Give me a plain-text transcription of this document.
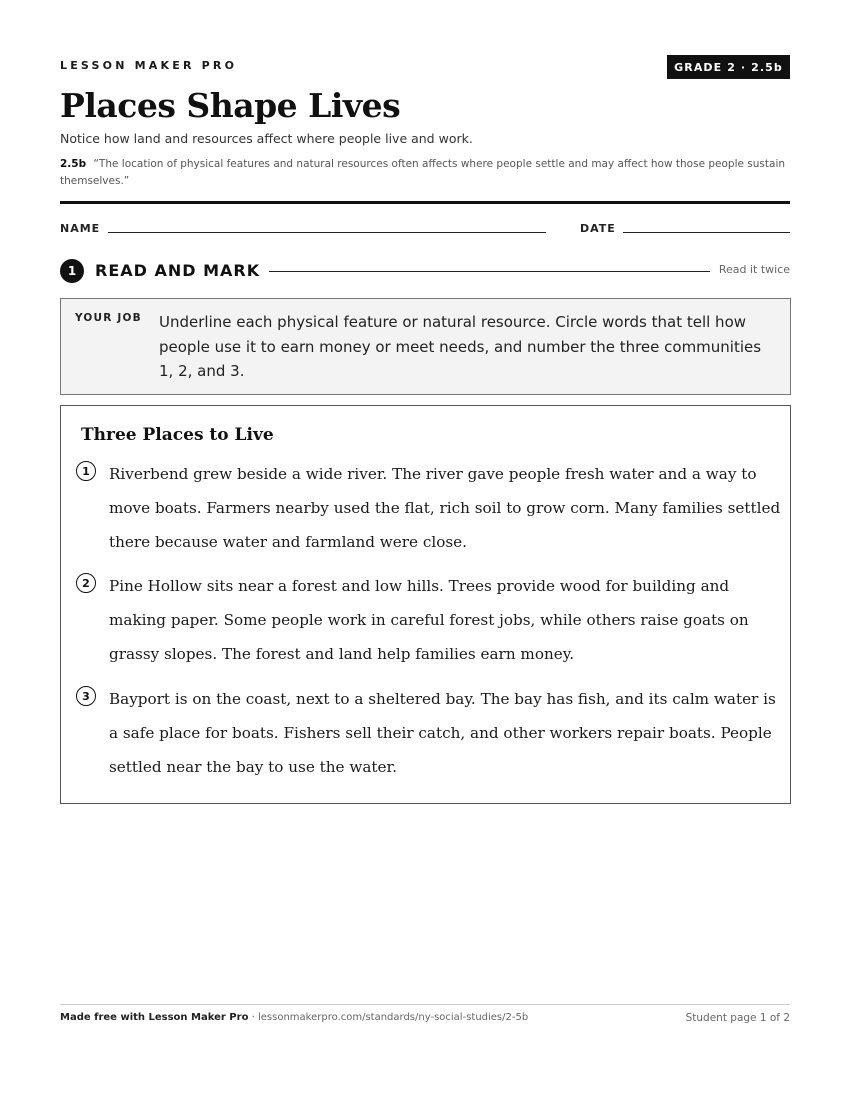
LESSON MAKER PRO	GRADE 2 · 2.5b
Places Shape Lives
Notice how land and resources affect where people live and work.
2.5b “The location of physical features and natural resources often affects where people settle and may affect how those people sustain themselves.”
NAME	DATE
1	READ AND MARK	Read it twice
YOUR JOB Underline each physical feature or natural resource. Circle words that tell how people use it to earn money or meet needs, and number the three communities 1, 2, and 3.
Three Places to Live
1	Riverbend grew beside a wide river. The river gave people fresh water and a way to move boats. Farmers nearby used the flat, rich soil to grow corn. Many families settled there because water and farmland were close.
2	Pine Hollow sits near a forest and low hills. Trees provide wood for building and making paper. Some people work in careful forest jobs, while others raise goats on grassy slopes. The forest and land help families earn money.
3	Bayport is on the coast, next to a sheltered bay. The bay has fish, and its calm water is a safe place for boats. Fishers sell their catch, and other workers repair boats. People settled near the bay to use the water.
Made free with Lesson Maker Pro · lessonmakerpro.com/standards/ny-social-studies/2-5b	Student page 1 of 2
